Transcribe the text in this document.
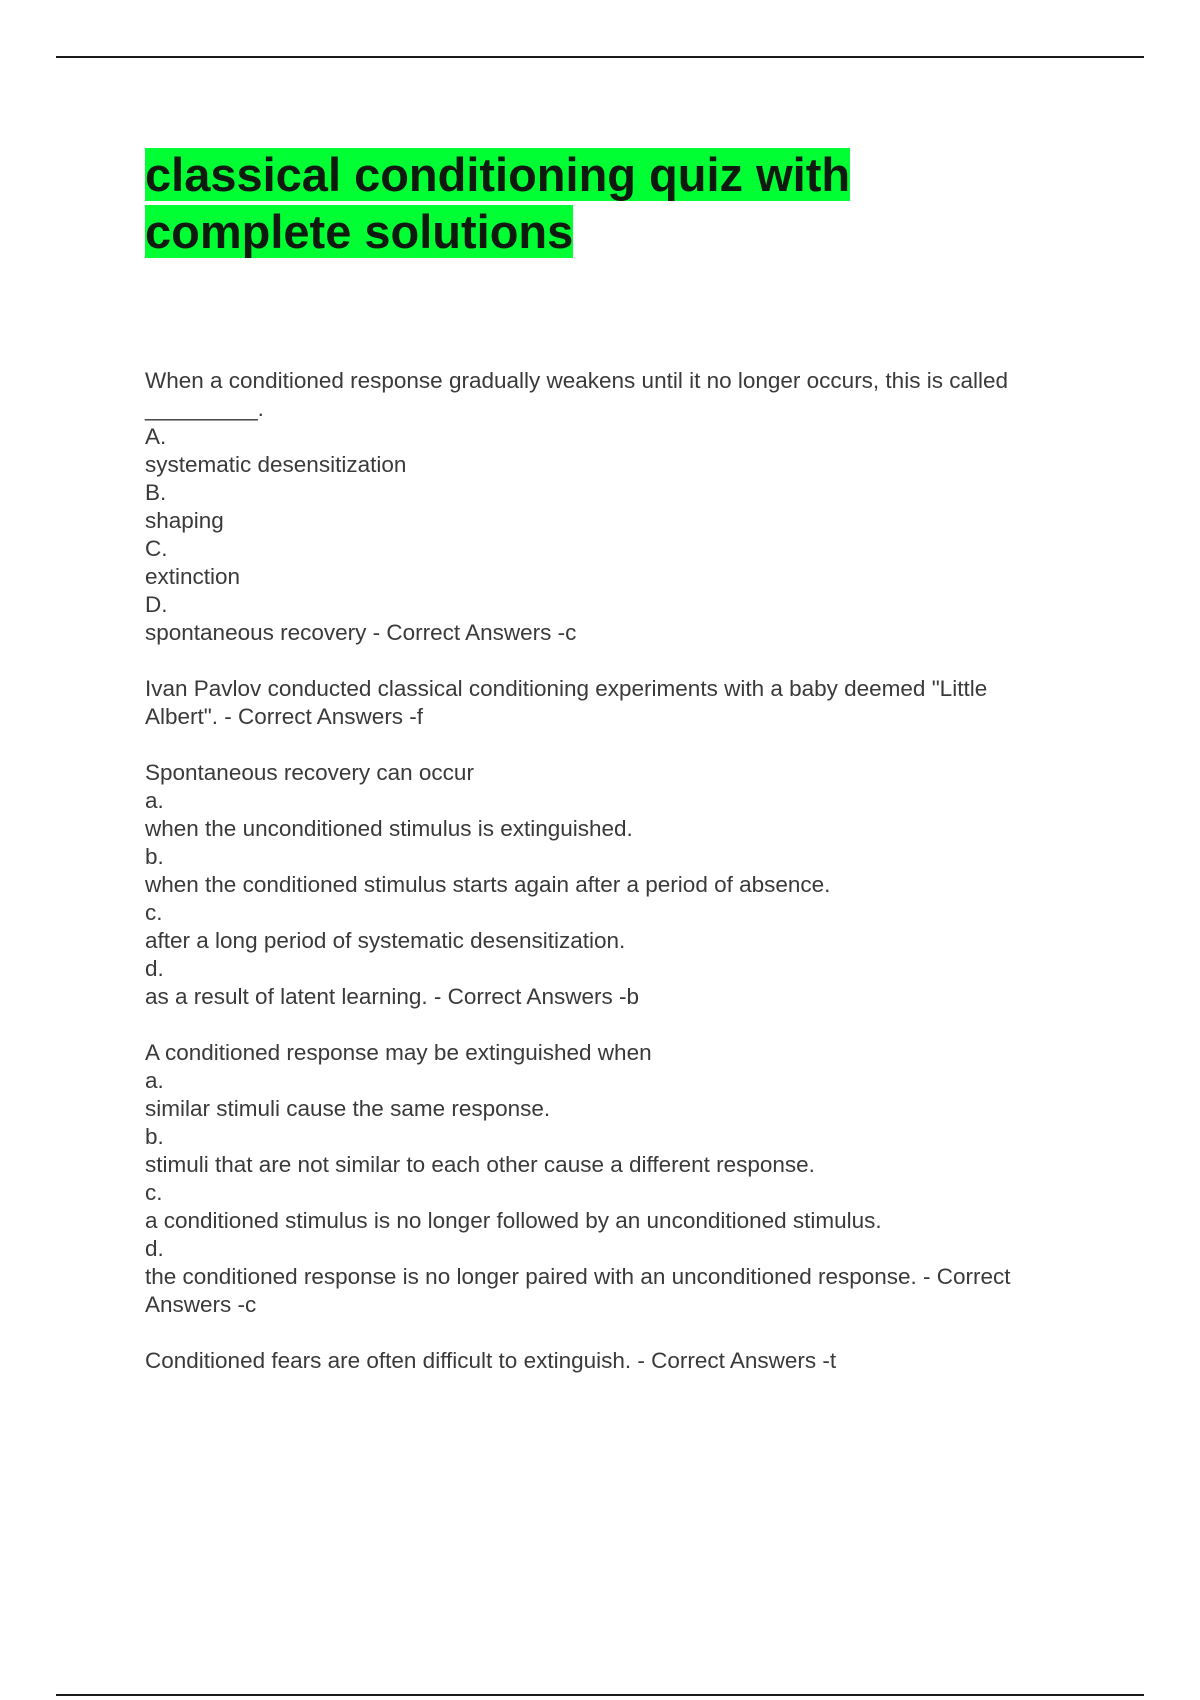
classical conditioning quiz with
complete solutions
When a conditioned response gradually weakens until it no longer occurs, this is called
_________.
A.
systematic desensitization
B.
shaping
C.
extinction
D.
spontaneous recovery - Correct Answers -c
Ivan Pavlov conducted classical conditioning experiments with a baby deemed "Little
Albert". - Correct Answers -f
Spontaneous recovery can occur
a.
when the unconditioned stimulus is extinguished.
b.
when the conditioned stimulus starts again after a period of absence.
c.
after a long period of systematic desensitization.
d.
as a result of latent learning. - Correct Answers -b
A conditioned response may be extinguished when
a.
similar stimuli cause the same response.
b.
stimuli that are not similar to each other cause a different response.
c.
a conditioned stimulus is no longer followed by an unconditioned stimulus.
d.
the conditioned response is no longer paired with an unconditioned response. - Correct
Answers -c
Conditioned fears are often difficult to extinguish. - Correct Answers -t
